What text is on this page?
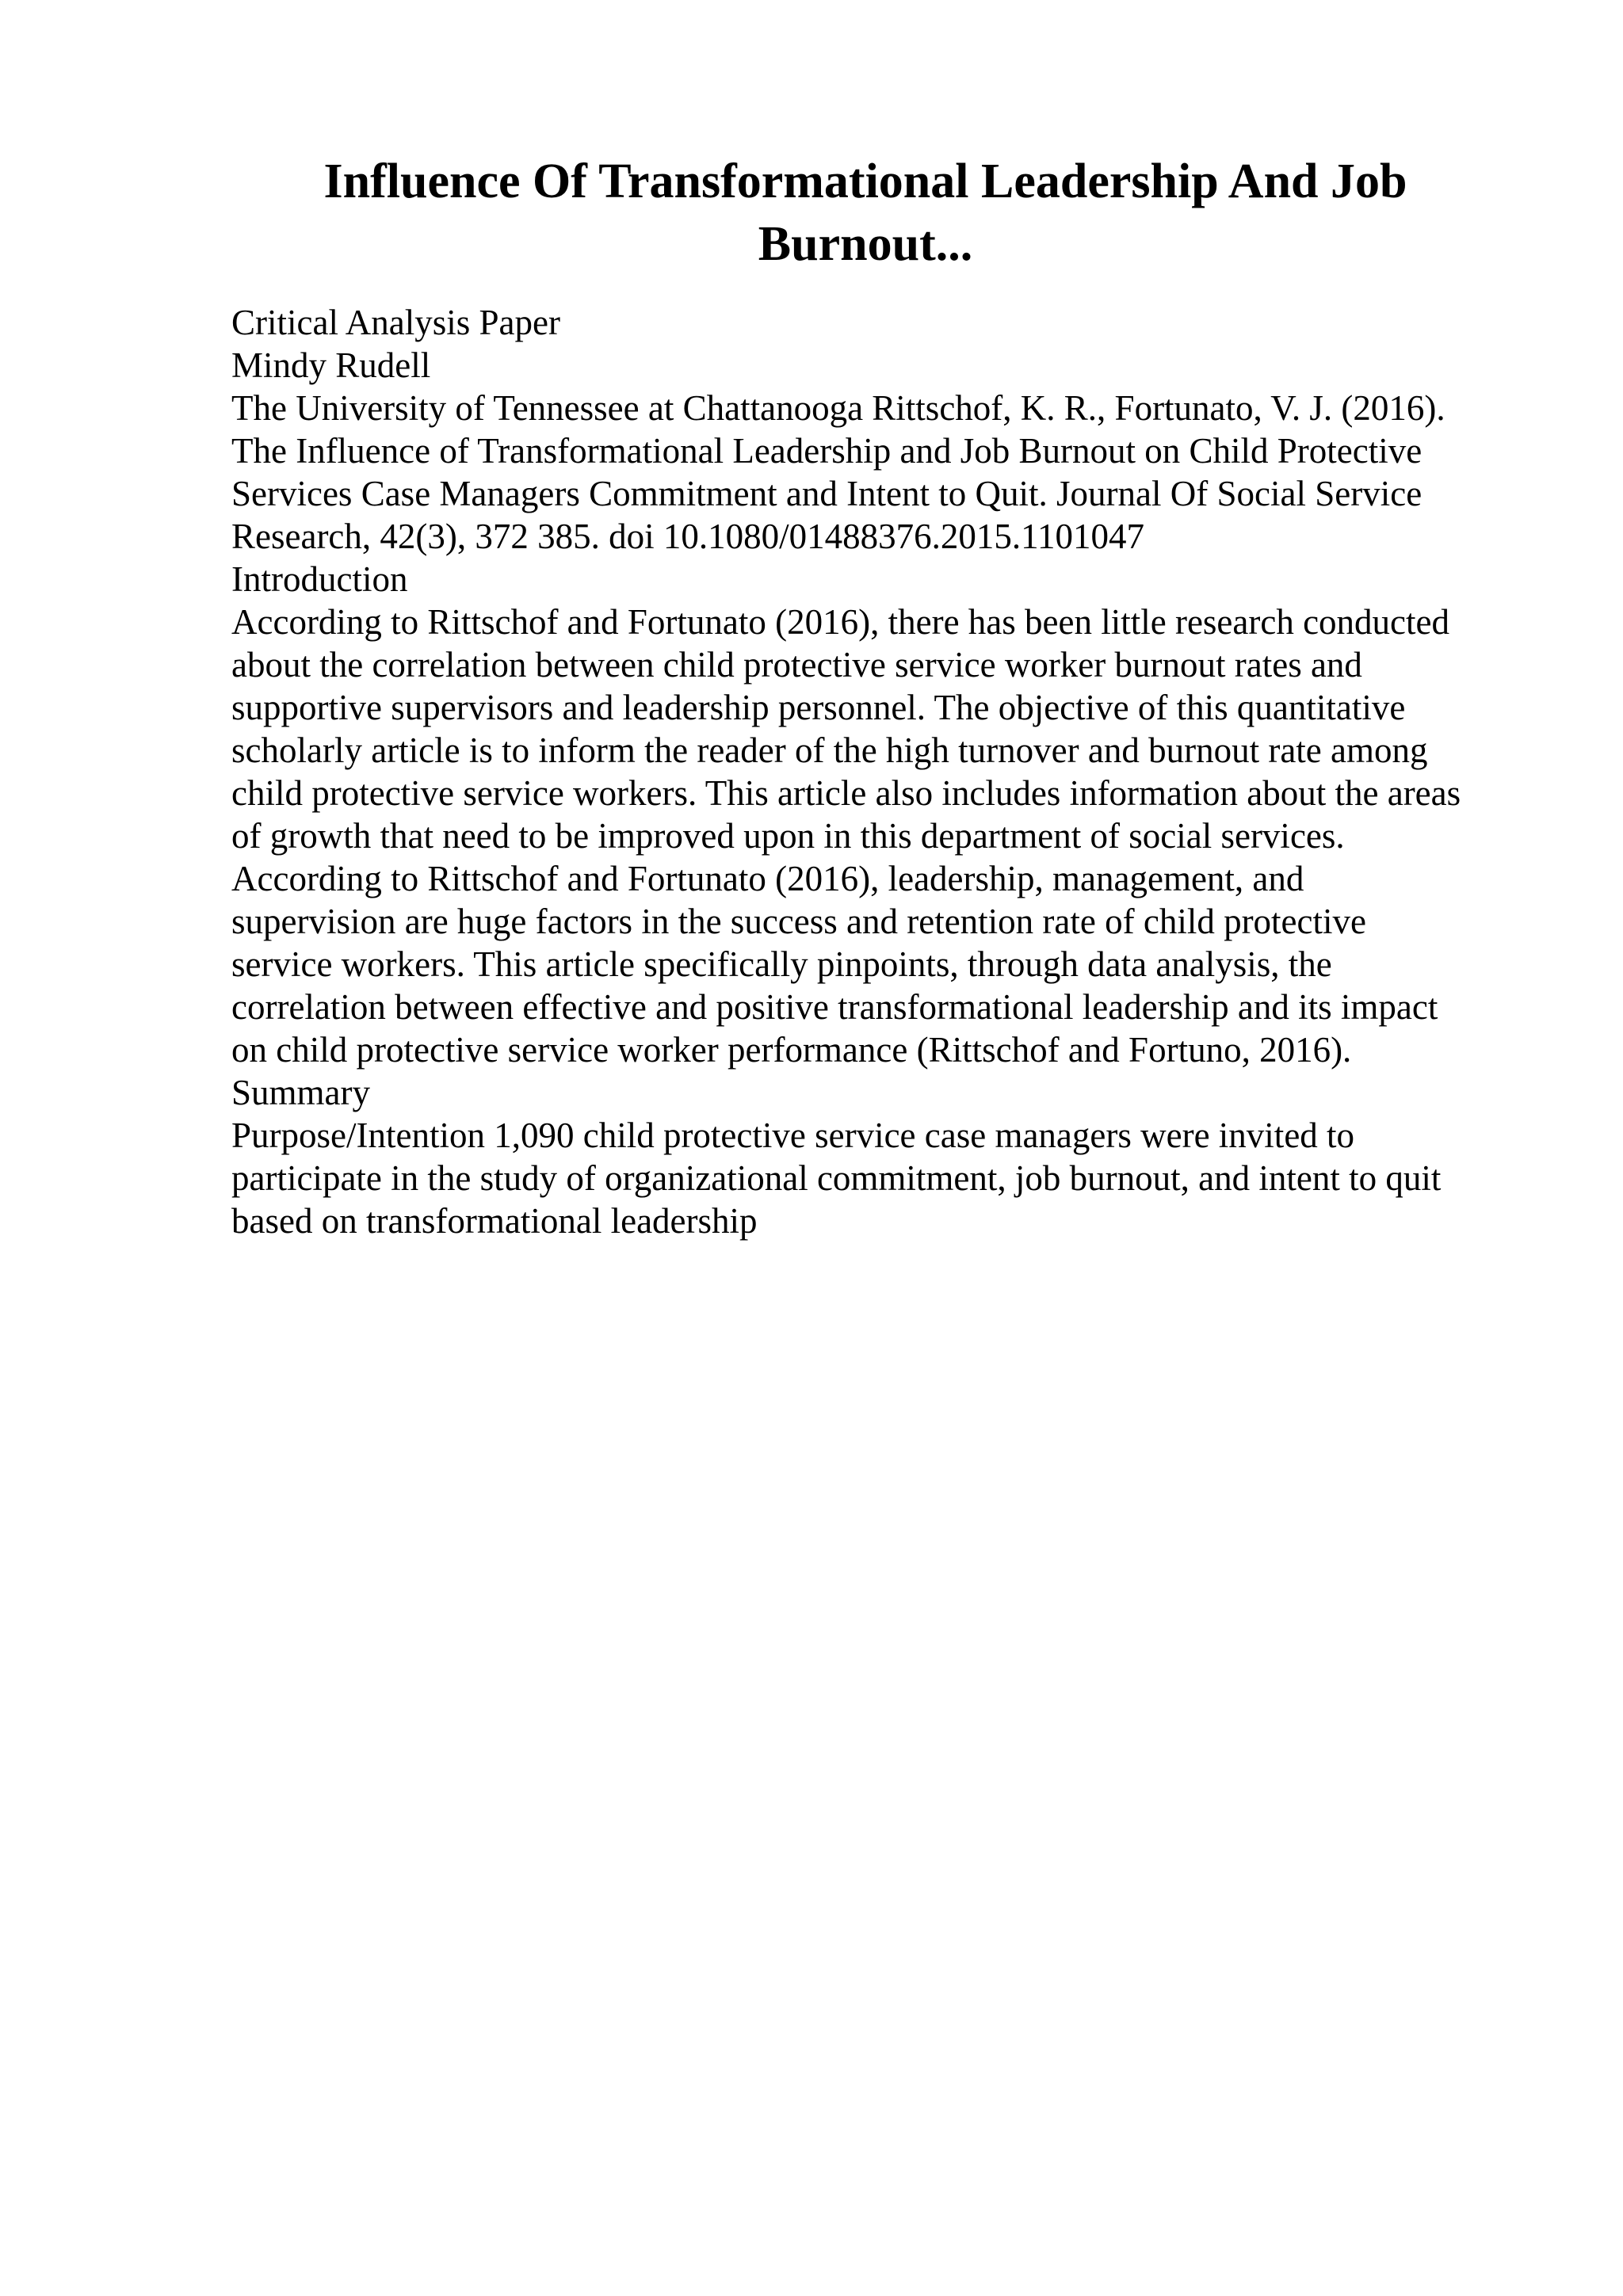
Influence Of Transformational Leadership And Job
Burnout...
Critical Analysis Paper
Mindy Rudell
The University of Tennessee at Chattanooga Rittschof, K. R., Fortunato, V. J. (2016).
The Influence of Transformational Leadership and Job Burnout on Child Protective
Services Case Managers Commitment and Intent to Quit. Journal Of Social Service
Research, 42(3), 372 385. doi 10.1080/01488376.2015.1101047
Introduction
According to Rittschof and Fortunato (2016), there has been little research conducted
about the correlation between child protective service worker burnout rates and
supportive supervisors and leadership personnel. The objective of this quantitative
scholarly article is to inform the reader of the high turnover and burnout rate among
child protective service workers. This article also includes information about the areas
of growth that need to be improved upon in this department of social services.
According to Rittschof and Fortunato (2016), leadership, management, and
supervision are huge factors in the success and retention rate of child protective
service workers. This article specifically pinpoints, through data analysis, the
correlation between effective and positive transformational leadership and its impact
on child protective service worker performance (Rittschof and Fortuno, 2016).
Summary
Purpose/Intention 1,090 child protective service case managers were invited to
participate in the study of organizational commitment, job burnout, and intent to quit
based on transformational leadership
